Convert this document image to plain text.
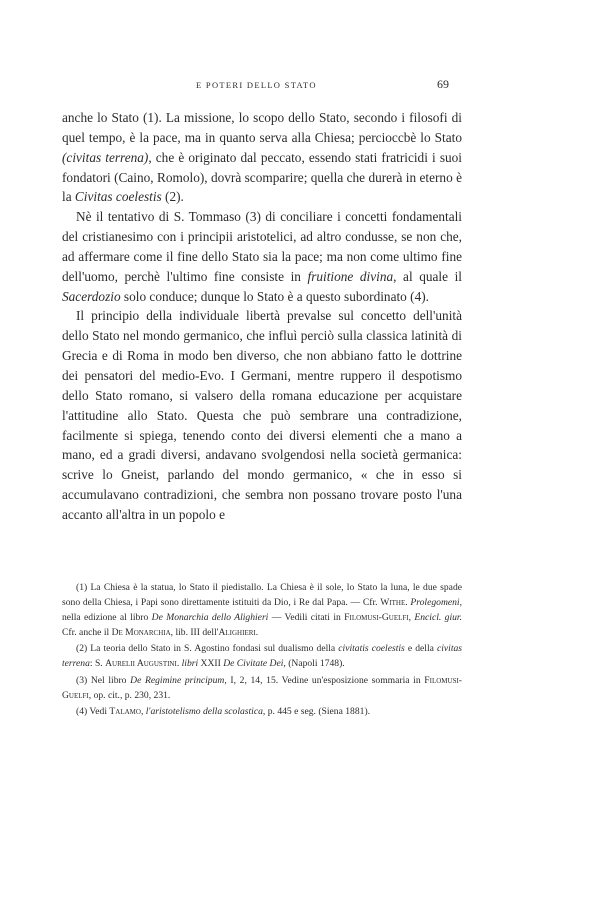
E POTERI DELLO STATO	69

anche lo Stato (1). La missione, lo scopo dello Stato, secondo i filosofi di quel tempo, è la pace, ma in quanto serva alla Chiesa; percioccbè lo Stato (civitas terrena), che è originato dal peccato, essendo stati fratricidi i suoi fondatori (Caino, Romolo), dovrà scomparire; quella che durerà in eterno è la Civitas coelestis (2).

Nè il tentativo di S. Tommaso (3) di conciliare i concetti fondamentali del cristianesimo con i principii aristotelici, ad altro condusse, se non che, ad affermare come il fine dello Stato sia la pace; ma non come ultimo fine dell'uomo, perchè l'ultimo fine consiste in fruitione divina, al quale il Sacerdozio solo conduce; dunque lo Stato è a questo subordinato (4).

Il principio della individuale libertà prevalse sul concetto dell'unità dello Stato nel mondo germanico, che influì perciò sulla classica latinità di Grecia e di Roma in modo ben diverso, che non abbiano fatto le dottrine dei pensatori del medio-Evo. I Germani, mentre ruppero il despotismo dello Stato romano, si valsero della romana educazione per acquistare l'attitudine allo Stato. Questa che può sembrare una contradizione, facilmente si spiega, tenendo conto dei diversi elementi che a mano a mano, ed a gradi diversi, andavano svolgendosi nella società germanica: scrive lo Gneist, parlando del mondo germanico, « che in esso si accumulavano contradizioni, che sembra non possano trovare posto l'una accanto all'altra in un popolo e

(1) La Chiesa è la statua, lo Stato il piedistallo. La Chiesa è il sole, lo Stato la luna, le due spade sono della Chiesa, i Papi sono direttamente istituiti da Dio, i Re dal Papa. — Cfr. Withe. Prolegomeni, nella edizione al libro De Monarchia dello Alighieri — Vedili citati in Filomusi-Guelfi, Encicl. giur. Cfr. anche il De Monarchia, lib. III dell'Alighieri.

(2) La teoria dello Stato in S. Agostino fondasi sul dualismo della civitatis coelestis e della civitas terrena: S. Aurelii Augustini. libri XXII De Civitate Dei, (Napoli 1748).

(3) Nel libro De Regimine principum, I, 2, 14, 15. Vedine un'esposizione sommaria in Filomusi-Guelfi, op. cit., p. 230, 231.

(4) Vedi Talamo, l'aristotelismo della scolastica, p. 445 e seg. (Siena 1881).
